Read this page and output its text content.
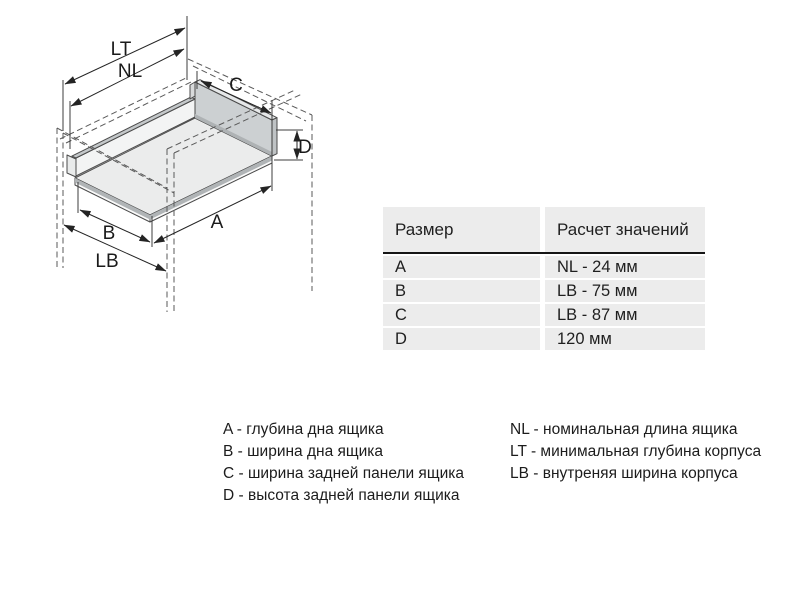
LT
NL
C
D
A
B
LB
Размер	Расчет значений
A	NL - 24 мм
B	LB - 75 мм
C	LB - 87 мм
D	120 мм
A - глубина дна ящика
B - ширина дна ящика
C - ширина задней панели ящика
D - высота задней панели ящика
NL - номинальная длина ящика
LT - минимальная глубина корпуса
LB - внутреняя ширина корпуса
